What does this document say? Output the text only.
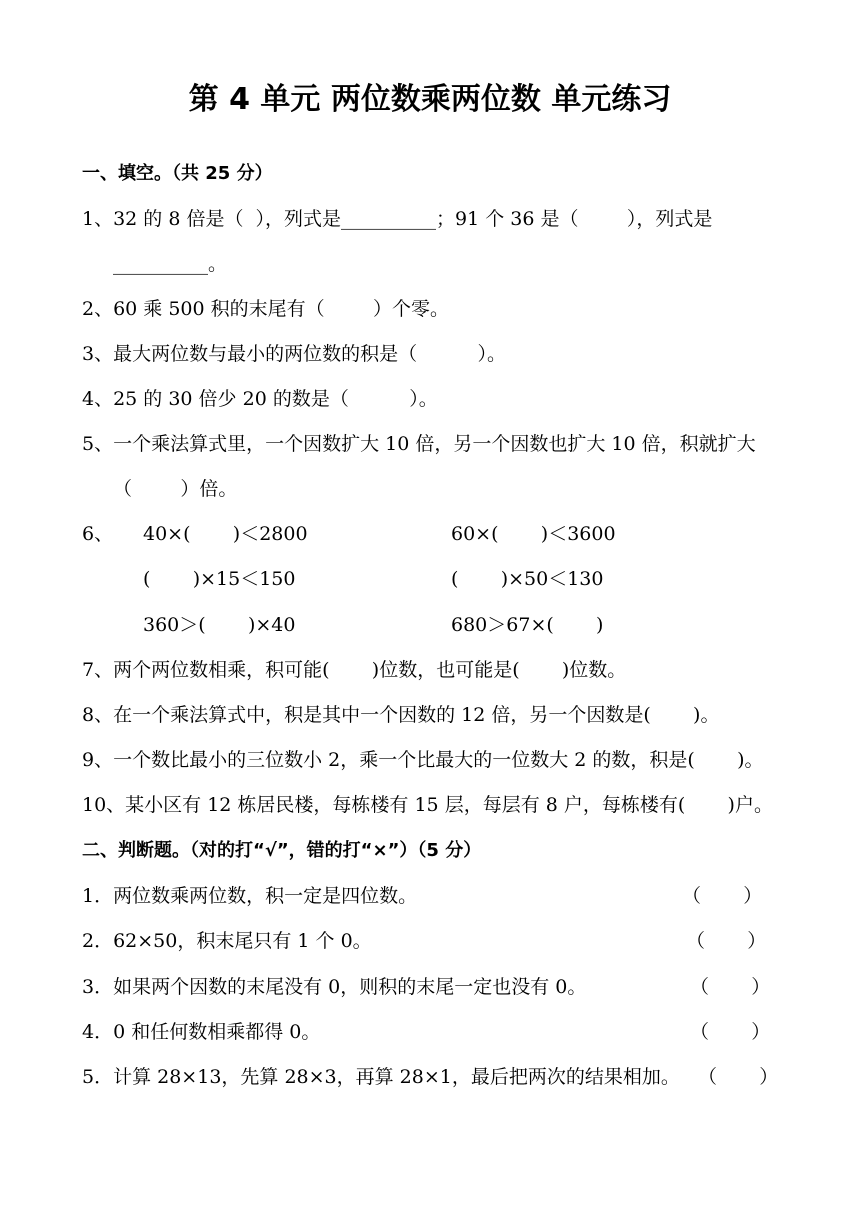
第 4 单元 两位数乘两位数 单元练习
一、填空。（共 25 分）
1、32 的 8 倍是（  ），列式是__________；91 个 36 是（        ），列式是
__________。
2、60 乘 500 积的末尾有（        ）个零。
3、最大两位数与最小的两位数的积是（          ）。
4、25 的 30 倍少 20 的数是（          ）。
5、一个乘法算式里，一个因数扩大 10 倍，另一个因数也扩大 10 倍，积就扩大
（        ）倍。
6、 40×(       )＜2800	60×(       )＜3600
(       )×15＜150	(       )×50＜130
360＞(       )×40	680＞67×(       )
7、两个两位数相乘，积可能(       )位数，也可能是(       )位数。
8、在一个乘法算式中，积是其中一个因数的 12 倍，另一个因数是(       )。
9、一个数比最小的三位数小 2，乘一个比最大的一位数大 2 的数，积是(       )。
10、某小区有 12 栋居民楼，每栋楼有 15 层，每层有 8 户，每栋楼有(       )户。
二、判断题。（对的打“√”，错的打“×”）（5 分）
1．两位数乘两位数，积一定是四位数。	（       ）
2．62×50，积末尾只有 1 个 0。	（       ）
3．如果两个因数的末尾没有 0，则积的末尾一定也没有 0。	（       ）
4．0 和任何数相乘都得 0。	（       ）
5．计算 28×13，先算 28×3，再算 28×1，最后把两次的结果相加。 （       ）
